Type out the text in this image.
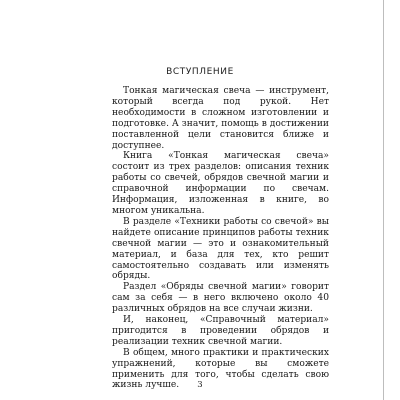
ВСТУПЛЕНИЕ

Тонкая магическая свеча — инструмент, который всегда под рукой. Нет необходимости в сложном изготовлении и подготовке. А значит, помощь в достижении поставленной цели становится ближе и доступнее.

Книга «Тонкая магическая свеча» состоит из трех разделов: описания техник работы со свечей, обрядов свечной магии и справочной информации по свечам. Информация, изложенная в книге, во многом уникальна.

В разделе «Техники работы со свечой» вы найдете описание принципов работы техник свечной магии — это и ознакомительный материал, и база для тех, кто решит самостоятельно создавать или изменять обряды.

Раздел «Обряды свечной магии» говорит сам за себя — в него включено около 40 различных обрядов на все случаи жизни.

И, наконец, «Справочный материал» пригодится в проведении обрядов и реализации техник свечной магии.

В общем, много практики и практических упражнений, которые вы сможете применить для того, чтобы сделать свою жизнь лучше.	3
